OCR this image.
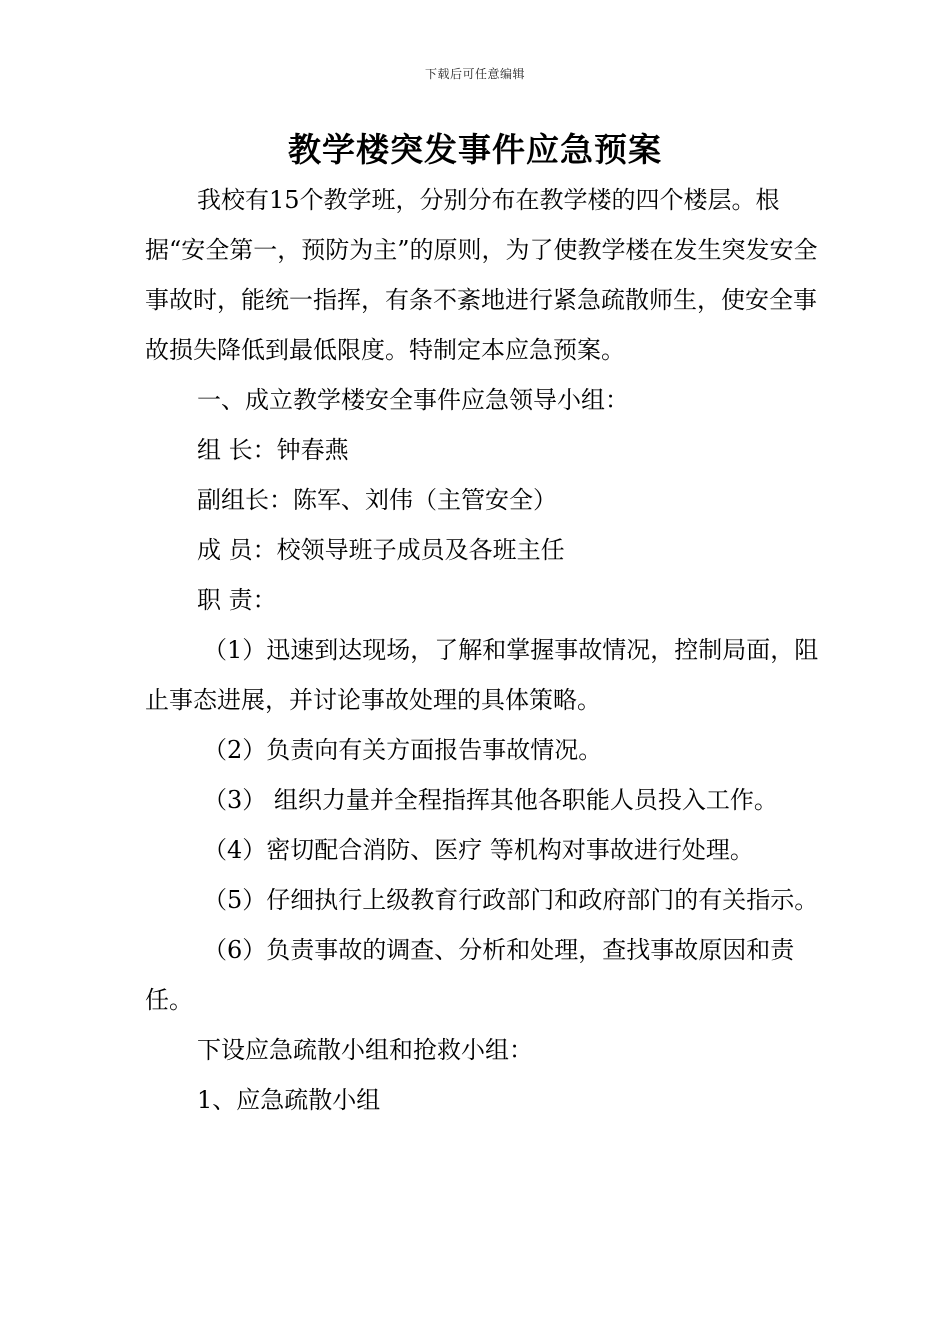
下载后可任意编辑
教学楼突发事件应急预案

我校有15个教学班，分别分布在教学楼的四个楼层。根据“安全第一，预防为主”的原则，为了使教学楼在发生突发安全事故时，能统一指挥，有条不紊地进行紧急疏散师生，使安全事故损失降低到最低限度。特制定本应急预案。

一、成立教学楼安全事件应急领导小组：

组 长：钟春燕

副组长：陈军、刘伟（主管安全）

成 员：校领导班子成员及各班主任

职 责：

（1）迅速到达现场，了解和掌握事故情况，控制局面，阻止事态进展，并讨论事故处理的具体策略。

（2）负责向有关方面报告事故情况。

（3） 组织力量并全程指挥其他各职能人员投入工作。

（4）密切配合消防、医疗 等机构对事故进行处理。

（5）仔细执行上级教育行政部门和政府部门的有关指示。

（6）负责事故的调查、分析和处理，查找事故原因和责任。

下设应急疏散小组和抢救小组：

1、应急疏散小组
